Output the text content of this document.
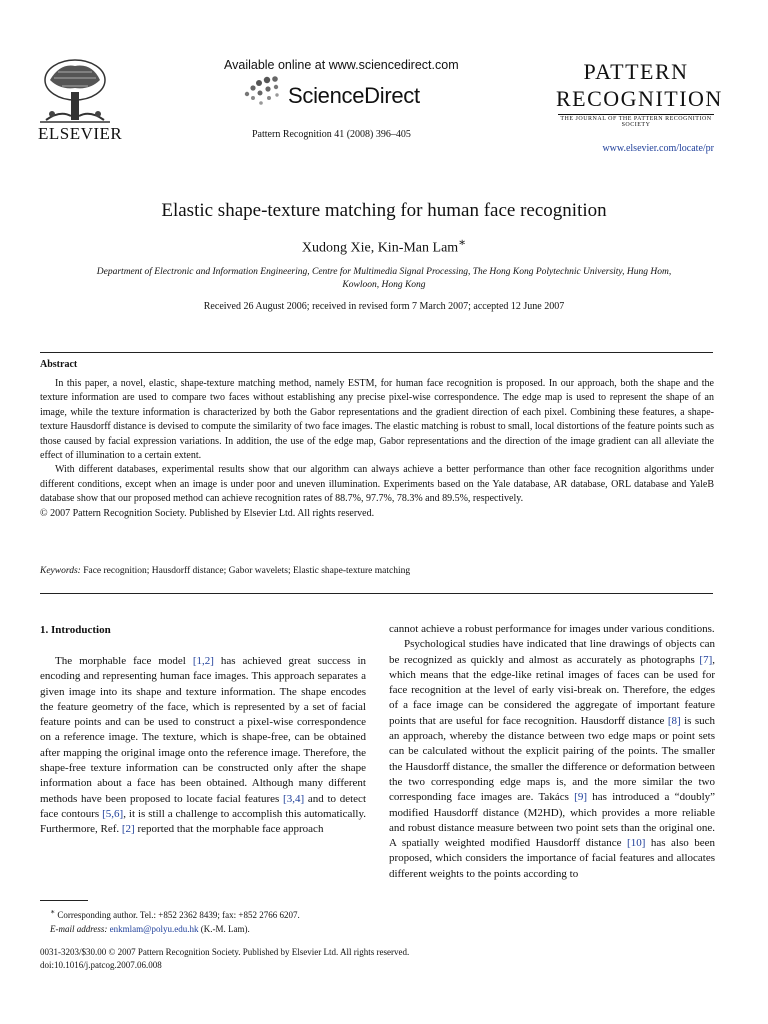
ELSEVIER
Available online at www.sciencedirect.com
ScienceDirect
Pattern Recognition 41 (2008) 396–405
PATTERN
RECOGNITION
THE JOURNAL OF THE PATTERN RECOGNITION SOCIETY
www.elsevier.com/locate/pr
Elastic shape-texture matching for human face recognition
Xudong Xie, Kin-Man Lam∗
Department of Electronic and Information Engineering, Centre for Multimedia Signal Processing, The Hong Kong Polytechnic University, Hung Hom,
Kowloon, Hong Kong
Received 26 August 2006; received in revised form 7 March 2007; accepted 12 June 2007
Abstract

In this paper, a novel, elastic, shape-texture matching method, namely ESTM, for human face recognition is proposed. In our approach, both the shape and the texture information are used to compare two faces without establishing any precise pixel-wise correspondence. The edge map is used to represent the shape of an image, while the texture information is characterized by both the Gabor representations and the gradient direction of each pixel. Combining these features, a shape-texture Hausdorff distance is devised to compute the similarity of two face images. The elastic matching is robust to small, local distortions of the feature points such as those caused by facial expression variations. In addition, the use of the edge map, Gabor representations and the direction of the image gradient can all alleviate the effect of illumination to a certain extent.

With different databases, experimental results show that our algorithm can always achieve a better performance than other face recognition algorithms under different conditions, except when an image is under poor and uneven illumination. Experiments based on the Yale database, AR database, ORL database and YaleB database show that our proposed method can achieve recognition rates of 88.7%, 97.7%, 78.3% and 89.5%, respectively.

© 2007 Pattern Recognition Society. Published by Elsevier Ltd. All rights reserved.

Keywords: Face recognition; Hausdorff distance; Gabor wavelets; Elastic shape-texture matching
1. Introduction

The morphable face model [1,2] has achieved great success in encoding and representing human face images. This approach separates a given image into its shape and texture information. The shape encodes the feature geometry of the face, which is represented by a set of facial feature points and can be used to construct a pixel-wise correspondence on a reference image. The texture, which is shape-free, can be obtained after mapping the original image onto the reference image. Therefore, the shape-free texture information can be constructed only after the shape information about a face has been obtained. Although many different methods have been proposed to locate facial features [3,4] and to detect face contours [5,6], it is still a challenge to accomplish this automatically. Furthermore, Ref. [2] reported that the morphable face approach

cannot achieve a robust performance for images under various conditions.

Psychological studies have indicated that line drawings of objects can be recognized as quickly and almost as accurately as photographs [7], which means that the edge-like retinal images of faces can be used for face recognition at the level of early visi-break on. Therefore, the edges of a face image can be considered the aggregate of important feature points that are useful for face recognition. Hausdorff distance [8] is such an approach, whereby the distance between two edge maps or point sets can be calculated without the explicit pairing of the points. The smaller the Hausdorff distance, the smaller the difference or deformation between the two corresponding edge maps is, and the more similar the two corresponding face images are. Takács [9] has introduced a “doubly” modified Hausdorff distance (M2HD), which provides a more reliable and robust distance measure between two point sets than the original one. A spatially weighted modified Hausdorff distance [10] has also been proposed, which considers the importance of facial features and allocates different weights to the points according to

∗ Corresponding author. Tel.: +852 2362 8439; fax: +852 2766 6207.
E-mail address: enkmlam@polyu.edu.hk (K.-M. Lam).
0031-3203/$30.00 © 2007 Pattern Recognition Society. Published by Elsevier Ltd. All rights reserved.
doi:10.1016/j.patcog.2007.06.008
